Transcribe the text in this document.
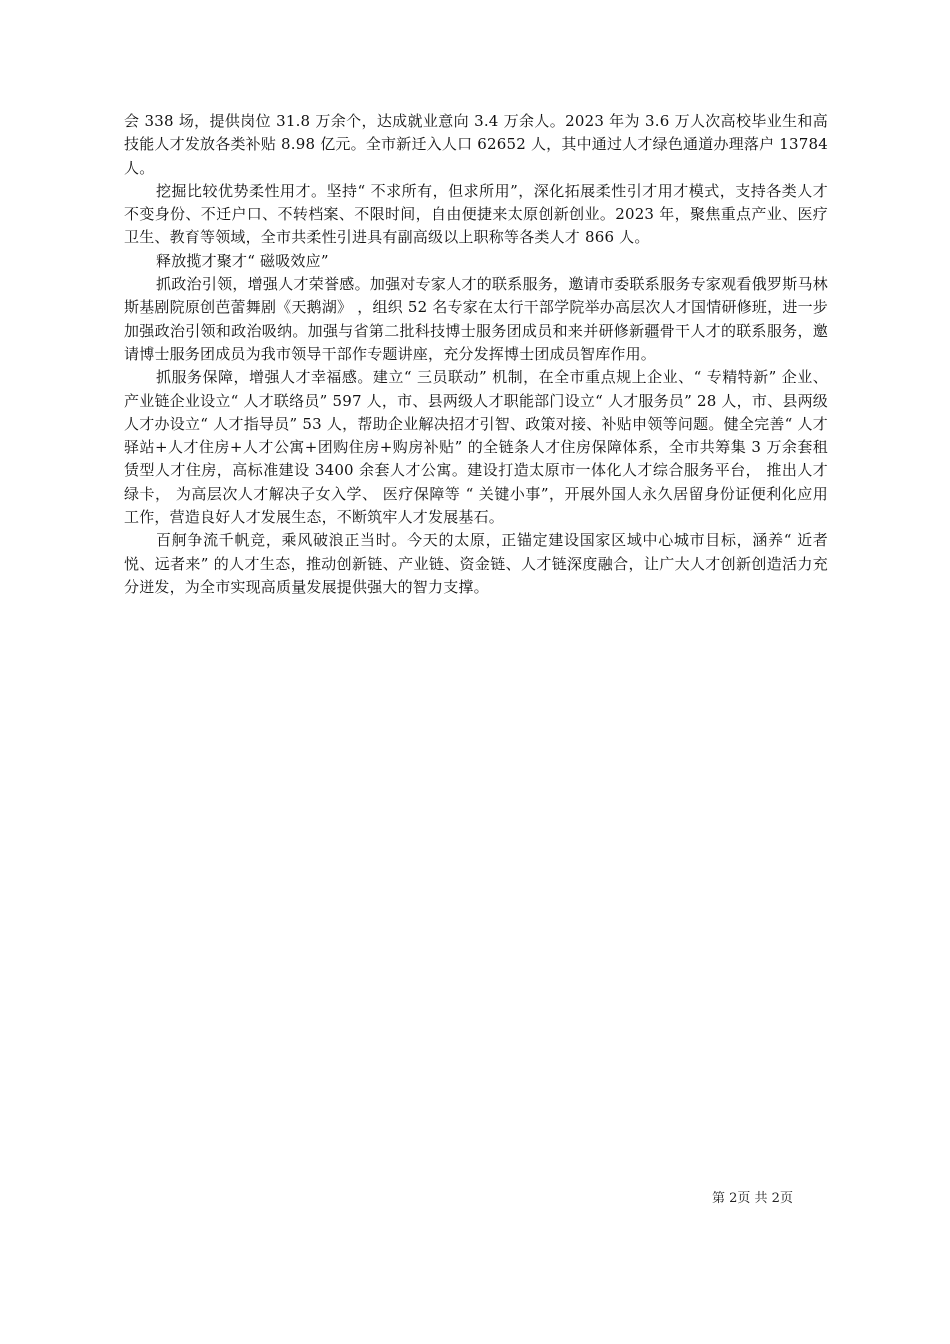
会 338 场，提供岗位 31.8 万余个，达成就业意向 3.4 万余人。2023 年为 3.6 万人次高校毕业生和高技能人才发放各类补贴 8.98 亿元。全市新迁入人口 62652 人，其中通过人才绿色通道办理落户 13784 人。

挖掘比较优势柔性用才。坚持“ 不求所有，但求所用”，深化拓展柔性引才用才模式，支持各类人才不变身份、不迁户口、不转档案、不限时间，自由便捷来太原创新创业。2023 年，聚焦重点产业、医疗卫生、教育等领域，全市共柔性引进具有副高级以上职称等各类人才 866 人。

释放揽才聚才“ 磁吸效应”

抓政治引领，增强人才荣誉感。加强对专家人才的联系服务，邀请市委联系服务专家观看俄罗斯马林斯基剧院原创芭蕾舞剧《天鹅湖》 ，组织 52 名专家在太行干部学院举办高层次人才国情研修班，进一步加强政治引领和政治吸纳。加强与省第二批科技博士服务团成员和来并研修新疆骨干人才的联系服务，邀请博士服务团成员为我市领导干部作专题讲座，充分发挥博士团成员智库作用。

抓服务保障，增强人才幸福感。建立“ 三员联动” 机制，在全市重点规上企业、“ 专精特新” 企业、产业链企业设立“ 人才联络员” 597 人，市、县两级人才职能部门设立“ 人才服务员” 28 人，市、县两级人才办设立“ 人才指导员” 53 人，帮助企业解决招才引智、政策对接、补贴申领等问题。健全完善“ 人才驿站+人才住房+人才公寓+团购住房+购房补贴” 的全链条人才住房保障体系，全市共筹集 3 万余套租赁型人才住房，高标准建设 3400 余套人才公寓。建设打造太原市一体化人才综合服务平台， 推出人才绿卡， 为高层次人才解决子女入学、 医疗保障等 “ 关键小事”，开展外国人永久居留身份证便利化应用工作，营造良好人才发展生态，不断筑牢人才发展基石。

百舸争流千帆竞，乘风破浪正当时。今天的太原，正锚定建设国家区域中心城市目标，涵养“ 近者悦、远者来” 的人才生态，推动创新链、产业链、资金链、人才链深度融合，让广大人才创新创造活力充分迸发，为全市实现高质量发展提供强大的智力支撑。

第 2页 共 2页
